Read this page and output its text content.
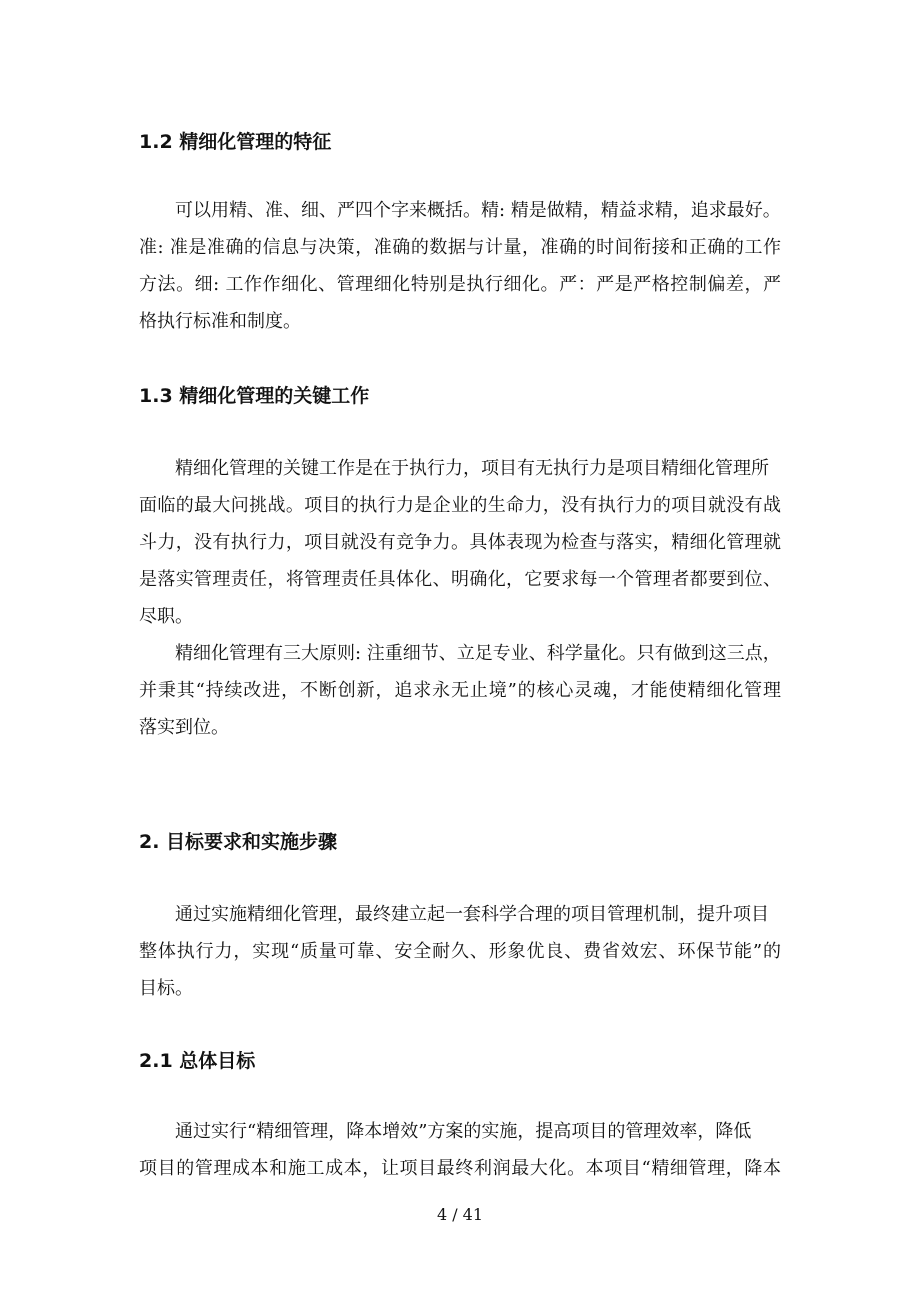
1.2 精细化管理的特征
可以用精、准、细、严四个字来概括。精: 精是做精，精益求精，追求最好。
准: 准是准确的信息与决策，准确的数据与计量，准确的时间衔接和正确的工作
方法。细: 工作作细化、管理细化特别是执行细化。严：严是严格控制偏差，严
格执行标准和制度。
1.3 精细化管理的关键工作
精细化管理的关键工作是在于执行力，项目有无执行力是项目精细化管理所
面临的最大问挑战。项目的执行力是企业的生命力，没有执行力的项目就没有战
斗力，没有执行力，项目就没有竞争力。具体表现为检查与落实，精细化管理就
是落实管理责任，将管理责任具体化、明确化，它要求每一个管理者都要到位、
尽职。
精细化管理有三大原则: 注重细节、立足专业、科学量化。只有做到这三点，
并秉其“持续改进，不断创新，追求永无止境”的核心灵魂，才能使精细化管理
落实到位。
2. 目标要求和实施步骤
通过实施精细化管理，最终建立起一套科学合理的项目管理机制，提升项目
整体执行力，实现“质量可靠、安全耐久、形象优良、费省效宏、环保节能”的
目标。
2.1 总体目标
通过实行“精细管理，降本增效”方案的实施，提高项目的管理效率，降低
项目的管理成本和施工成本，让项目最终利润最大化。本项目“精细管理，降本
4 / 41
